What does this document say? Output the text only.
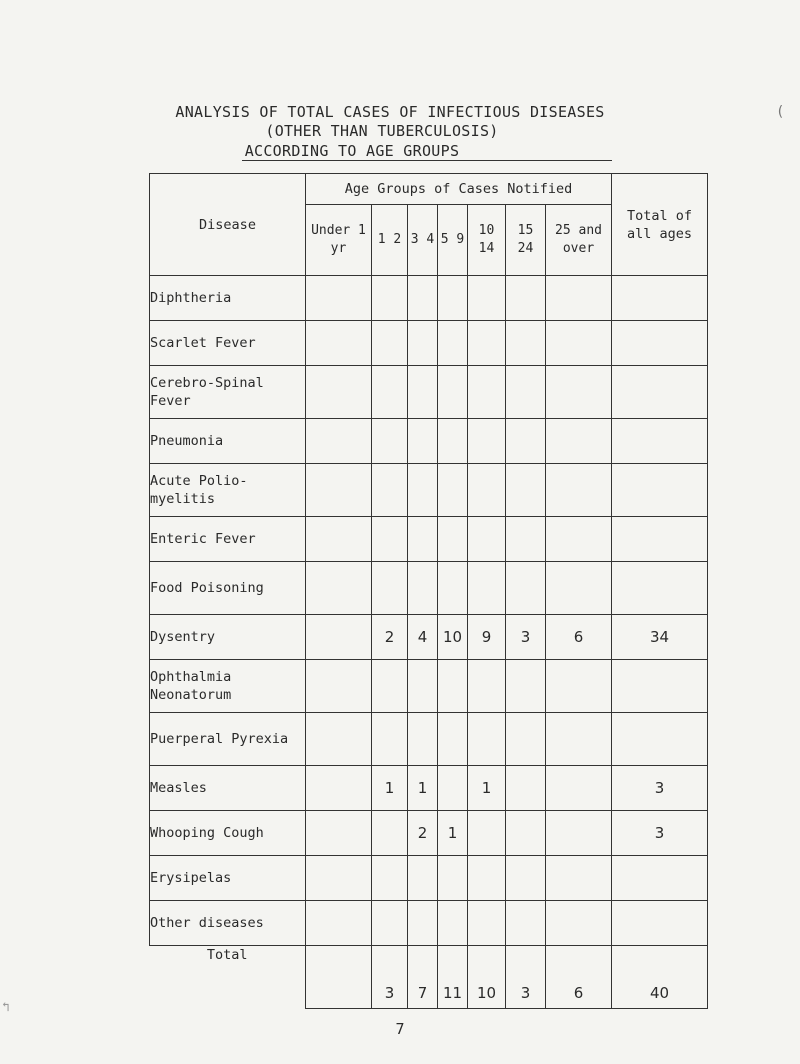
ANALYSIS OF TOTAL CASES OF INFECTIOUS DISEASES
(OTHER THAN TUBERCULOSIS)
ACCORDING TO AGE GROUPS
(
Disease	Age Groups of Cases Notified							Total of all ages
	Under 1 yr	1 2	3 4	5 9	10 14	15 24	25 and over	
Diphtheria								
Scarlet Fever								
Cerebro-Spinal Fever								
Pneumonia								
Acute Polio-myelitis								
Enteric Fever								
Food Poisoning								
Dysentry		2	4	10	9	3	6	34
Ophthalmia Neonatorum								
Puerperal Pyrexia								
Measles		1	1		1			3
Whooping Cough			2	1				3
Erysipelas								
Other diseases								
Total		3	7	11	10	3	6	40
7
↰
